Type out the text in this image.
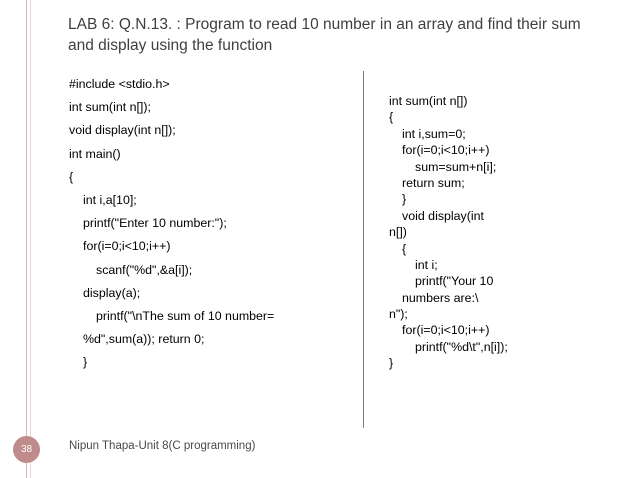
LAB 6: Q.N.13. : Program to read 10 number in an array and find their sum and display using the function
#include <stdio.h>
int sum(int n[]);
void display(int n[]);
int main()
{
int i,a[10];
printf("Enter 10 number:");
for(i=0;i<10;i++)
scanf("%d",&a[i]);
display(a);
printf("\nThe sum of 10 number=
%d",sum(a)); return 0;
}
int sum(int n[])
{
int i,sum=0;
for(i=0;i<10;i++)
sum=sum+n[i];
return sum;
}
void display(int
n[])
{
int i;
printf("Your 10
numbers are:\
n");
for(i=0;i<10;i++)
printf("%d\t",n[i]);
}
38	Nipun Thapa-Unit 8(C programming)
